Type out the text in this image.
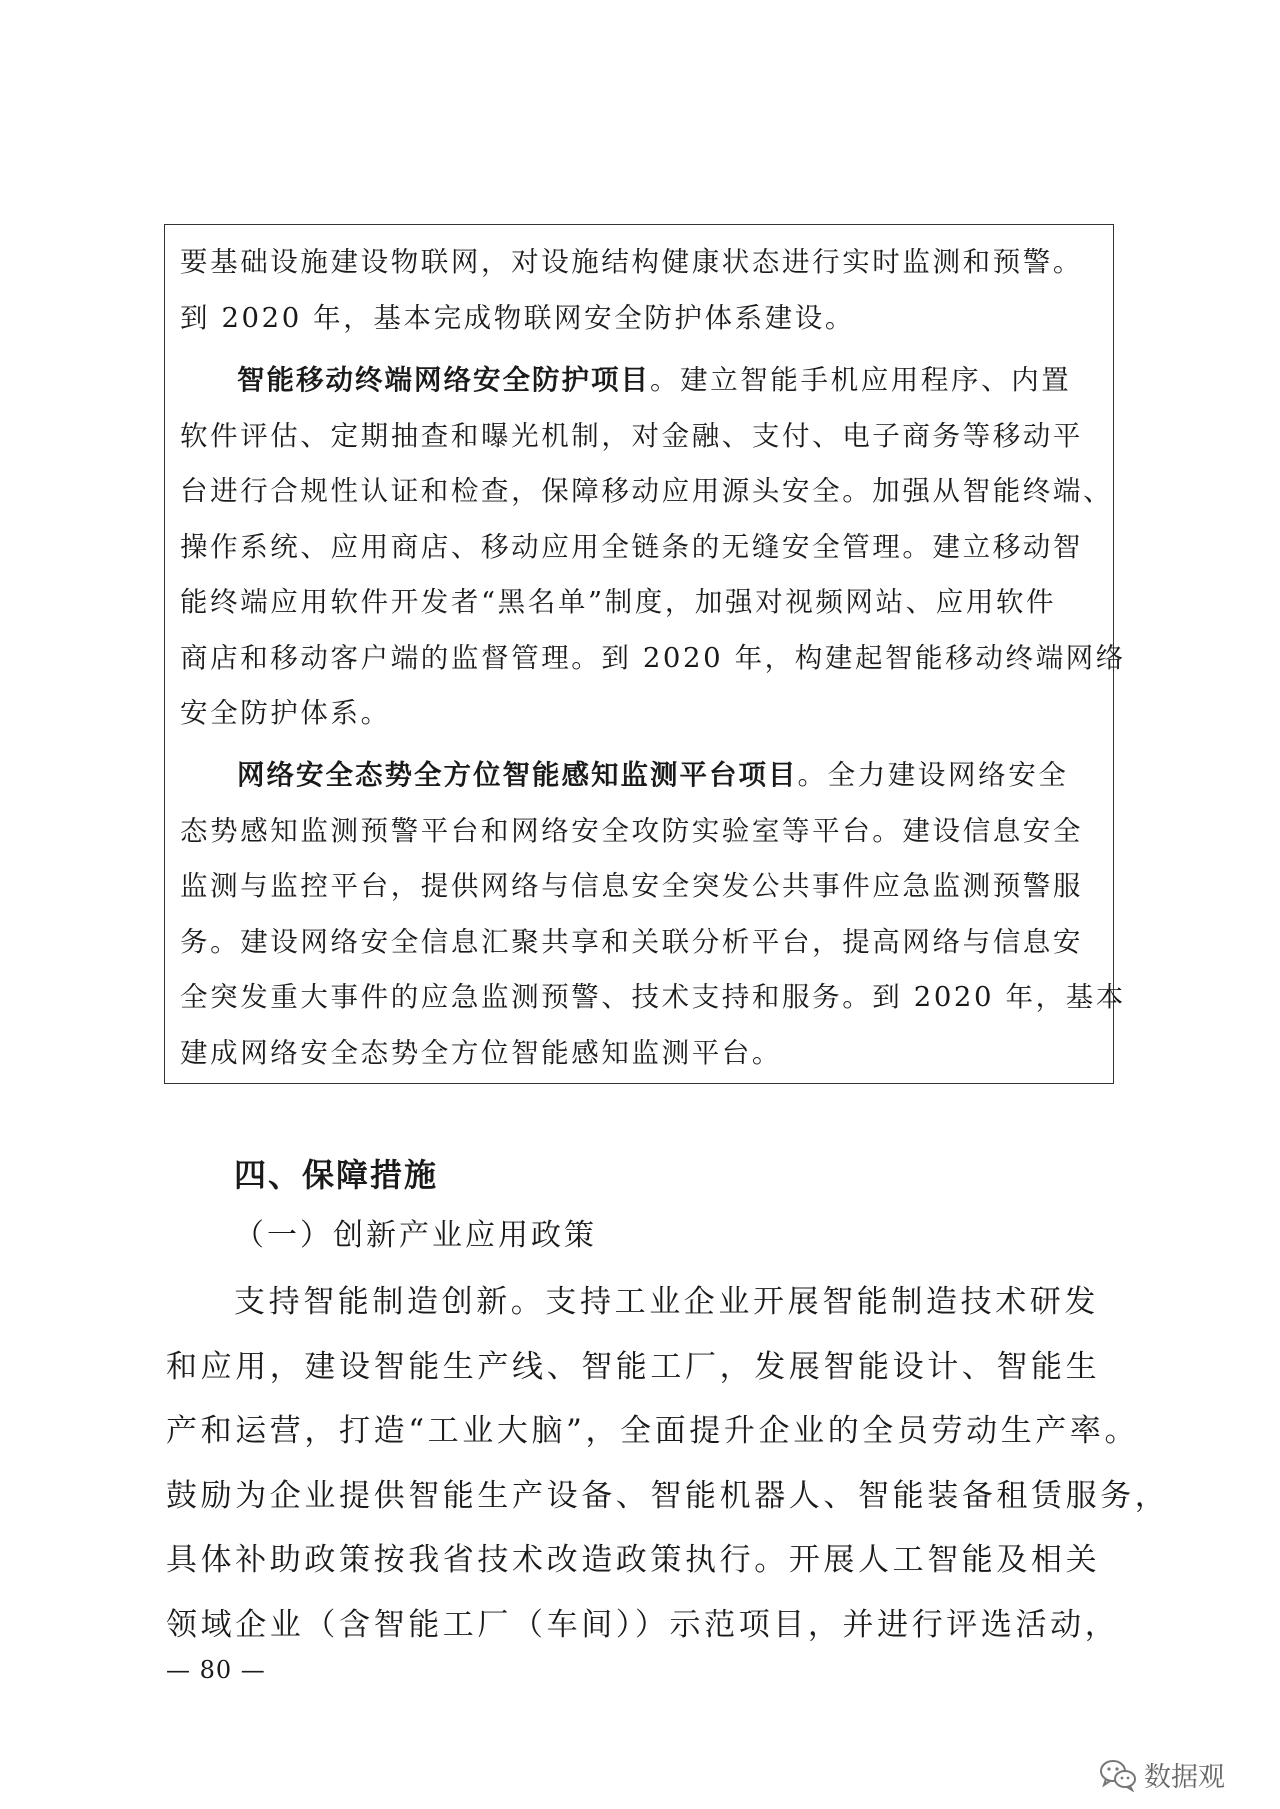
要基础设施建设物联网，对设施结构健康状态进行实时监测和预警。
到 2020 年，基本完成物联网安全防护体系建设。
智能移动终端网络安全防护项目。建立智能手机应用程序、内置
软件评估、定期抽查和曝光机制，对金融、支付、电子商务等移动平
台进行合规性认证和检查，保障移动应用源头安全。加强从智能终端、
操作系统、应用商店、移动应用全链条的无缝安全管理。建立移动智
能终端应用软件开发者“黑名单”制度，加强对视频网站、应用软件
商店和移动客户端的监督管理。到 2020 年，构建起智能移动终端网络
安全防护体系。
网络安全态势全方位智能感知监测平台项目。全力建设网络安全
态势感知监测预警平台和网络安全攻防实验室等平台。建设信息安全
监测与监控平台，提供网络与信息安全突发公共事件应急监测预警服
务。建设网络安全信息汇聚共享和关联分析平台，提高网络与信息安
全突发重大事件的应急监测预警、技术支持和服务。到 2020 年，基本
建成网络安全态势全方位智能感知监测平台。
四、保障措施
（一）创新产业应用政策
支持智能制造创新。支持工业企业开展智能制造技术研发
和应用，建设智能生产线、智能工厂，发展智能设计、智能生
产和运营，打造“工业大脑”，全面提升企业的全员劳动生产率。
鼓励为企业提供智能生产设备、智能机器人、智能装备租赁服务，
具体补助政策按我省技术改造政策执行。开展人工智能及相关
领域企业（含智能工厂（车间））示范项目，并进行评选活动，
— 80 —
数据观
